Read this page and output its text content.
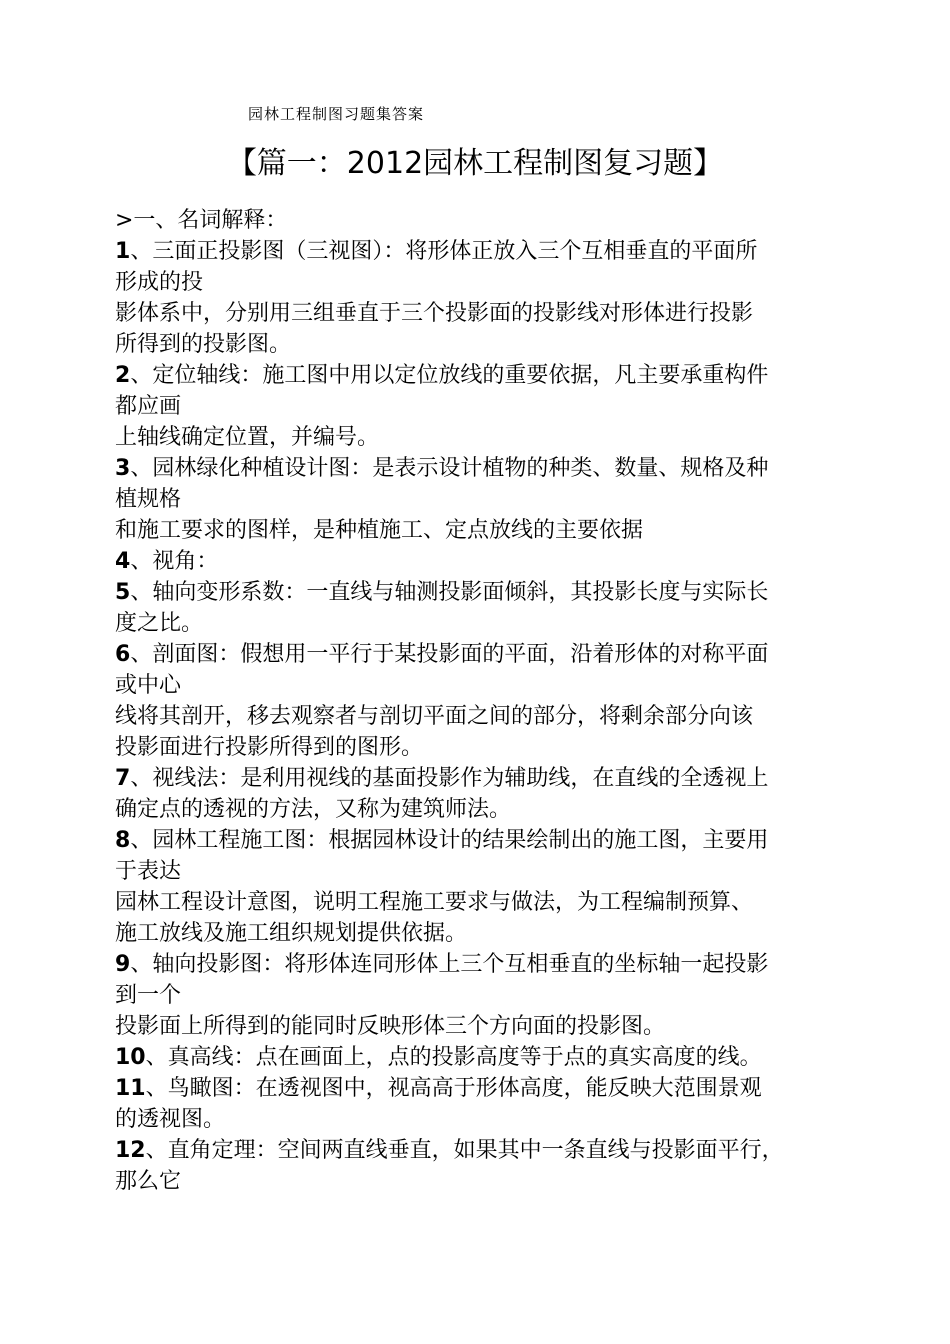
园林工程制图习题集答案
【篇一：2012园林工程制图复习题】
>一、名词解释：
1、三面正投影图（三视图）：将形体正放入三个互相垂直的平面所
形成的投
影体系中，分别用三组垂直于三个投影面的投影线对形体进行投影
所得到的投影图。
2、定位轴线：施工图中用以定位放线的重要依据，凡主要承重构件
都应画
上轴线确定位置，并编号。
3、园林绿化种植设计图：是表示设计植物的种类、数量、规格及种
植规格
和施工要求的图样，是种植施工、定点放线的主要依据
4、视角：
5、轴向变形系数：一直线与轴测投影面倾斜，其投影长度与实际长
度之比。
6、剖面图：假想用一平行于某投影面的平面，沿着形体的对称平面
或中心
线将其剖开，移去观察者与剖切平面之间的部分，将剩余部分向该
投影面进行投影所得到的图形。
7、视线法：是利用视线的基面投影作为辅助线，在直线的全透视上
确定点的透视的方法，又称为建筑师法。
8、园林工程施工图：根据园林设计的结果绘制出的施工图，主要用
于表达
园林工程设计意图，说明工程施工要求与做法，为工程编制预算、
施工放线及施工组织规划提供依据。
9、轴向投影图：将形体连同形体上三个互相垂直的坐标轴一起投影
到一个
投影面上所得到的能同时反映形体三个方向面的投影图。
10、真高线：点在画面上，点的投影高度等于点的真实高度的线。
11、鸟瞰图：在透视图中，视高高于形体高度，能反映大范围景观
的透视图。
12、直角定理：空间两直线垂直，如果其中一条直线与投影面平行，
那么它
